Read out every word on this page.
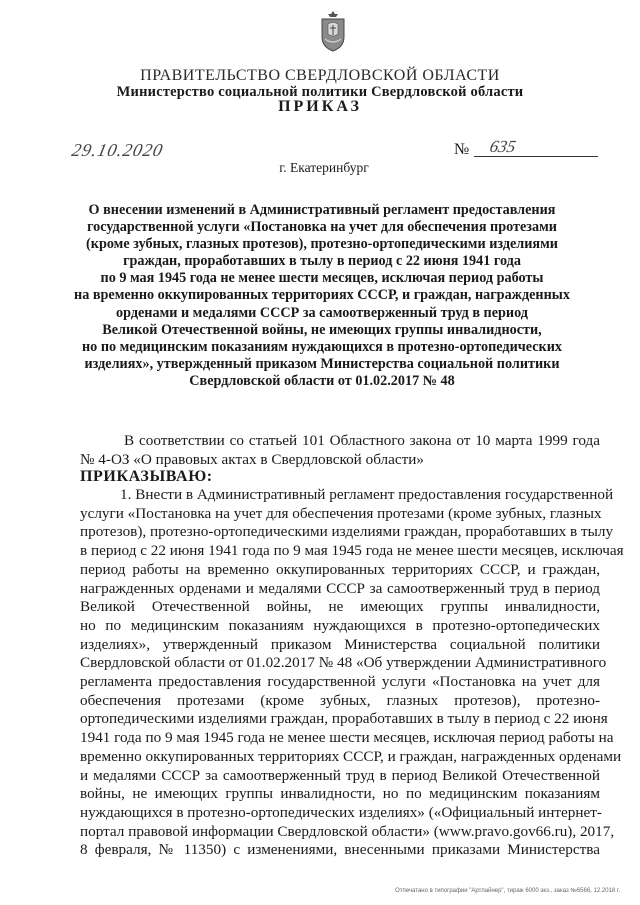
ПРАВИТЕЛЬСТВО СВЕРДЛОВСКОЙ ОБЛАСТИ
Министерство социальной политики Свердловской области
ПРИКАЗ
29.10.2020	№ 635
г. Екатеринбург
О внесении изменений в Административный регламент предоставления
государственной услуги «Постановка на учет для обеспечения протезами
(кроме зубных, глазных протезов), протезно-ортопедическими изделиями
граждан, проработавших в тылу в период с 22 июня 1941 года
по 9 мая 1945 года не менее шести месяцев, исключая период работы
на временно оккупированных территориях СССР, и граждан, награжденных
орденами и медалями СССР за самоотверженный труд в период
Великой Отечественной войны, не имеющих группы инвалидности,
но по медицинским показаниям нуждающихся в протезно-ортопедических
изделиях», утвержденный приказом Министерства социальной политики
Свердловской области от 01.02.2017 № 48
В соответствии со статьей 101 Областного закона от 10 марта 1999 года
№ 4-ОЗ «О правовых актах в Свердловской области»
ПРИКАЗЫВАЮ:
1. Внести в Административный регламент предоставления государственной
услуги «Постановка на учет для обеспечения протезами (кроме зубных, глазных
протезов), протезно-ортопедическими изделиями граждан, проработавших в тылу
в период с 22 июня 1941 года по 9 мая 1945 года не менее шести месяцев, исключая
период работы на временно оккупированных территориях СССР, и граждан,
награжденных орденами и медалями СССР за самоотверженный труд в период
Великой Отечественной войны, не имеющих группы инвалидности,
но по медицинским показаниям нуждающихся в протезно-ортопедических
изделиях», утвержденный приказом Министерства социальной политики
Свердловской области от 01.02.2017 № 48 «Об утверждении Административного
регламента предоставления государственной услуги «Постановка на учет для
обеспечения протезами (кроме зубных, глазных протезов), протезно-
ортопедическими изделиями граждан, проработавших в тылу в период с 22 июня
1941 года по 9 мая 1945 года не менее шести месяцев, исключая период работы на
временно оккупированных территориях СССР, и граждан, награжденных орденами
и медалями СССР за самоотверженный труд в период Великой Отечественной
войны, не имеющих группы инвалидности, но по медицинским показаниям
нуждающихся в протезно-ортопедических изделиях» («Официальный интернет-
портал правовой информации Свердловской области» (www.pravo.gov66.ru), 2017,
8 февраля, № 11350) с изменениями, внесенными приказами Министерства
Отпечатано в типографии "Артлайнер", тираж 6000 экз., заказ №6566, 12.2018 г.
